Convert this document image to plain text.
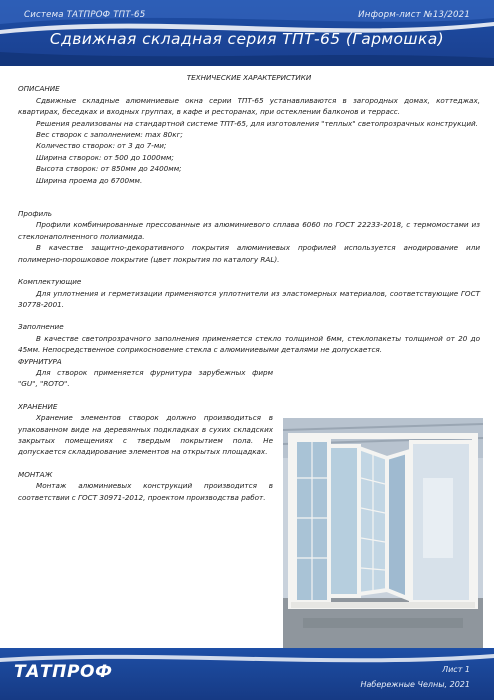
Система ТАТПРОФ ТПТ-65	Информ-лист №13/2021
Сдвижная складная серия ТПТ-65 (Гармошка)
ТЕХНИЧЕСКИЕ ХАРАКТЕРИСТИКИ
ОПИСАНИЕ
Сдвижные складные алюминиевые окна серии ТПТ-65 устанавливаются в загородных домах, коттеджах, квартирах, беседках и входных группах, в кафе и ресторанах, при остеклении балконов и террасс.
Решения реализованы на стандартной системе ТПТ-65, для изготовления "теплых" светопрозрачных конструкций.
Вес створок с заполнением: max 80кг;
Количество створок: от 3 до 7-ми;
Ширина створок: от 500 до 1000мм;
Высота створок: от 850мм до 2400мм;
Ширина проема до 6700мм.
Профиль
Профили комбинированные прессованные из алюминиевого сплава 6060 по ГОСТ 22233-2018, с термомостами из стеклонаполненного полиамида.
В качестве защитно-декоративного покрытия алюминиевых профилей используется анодирование или полимерно-порошковое покрытие (цвет покрытия по каталогу RAL).
Комплектующие
Для уплотнения и герметизации применяются уплотнители из эластомерных материалов, соответствующие ГОСТ 30778-2001.
Заполнение
В качестве светопрозрачного заполнения применяется стекло толщиной 6мм, стеклопакеты толщиной от 20 до 45мм. Непосредственное соприкосновение стекла с алюминиевыми деталями не допускается.
ФУРНИТУРА
Для створок применяется фурнитура зарубежных фирм "GU", "ROTO".
ХРАНЕНИЕ
Хранение элементов створок должно производиться в упакованном виде на деревянных подкладках в сухих складских закрытых помещениях с твердым покрытием пола. Не допускается складирование элементов на открытых площадках.
МОНТАЖ
Монтаж алюминиевых конструкций производится в соответствии с ГОСТ 30971-2012, проектом производства работ.
ТАТПРОФ	Лист 1
Набережные Челны, 2021
